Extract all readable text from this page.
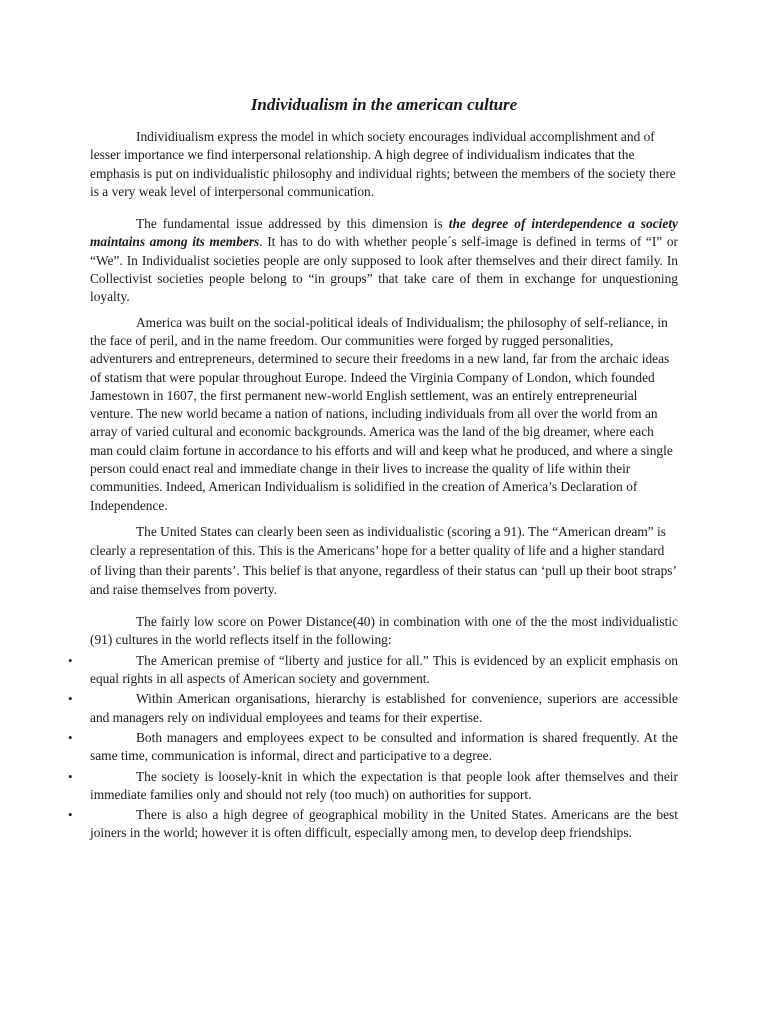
Individualism in the american culture

Individiualism express the model in which society encourages individual accomplishment and of lesser importance we find interpersonal relationship. A high degree of individualism indicates that the emphasis is put on individualistic philosophy and individual rights; between the members of the society there is a very weak level of interpersonal communication.

The fundamental issue addressed by this dimension is the degree of interdependence a society maintains among its members. It has to do with whether people´s self-image is defined in terms of “I” or “We”. In Individualist societies people are only supposed to look after themselves and their direct family. In Collectivist societies people belong to “in groups” that take care of them in exchange for unquestioning loyalty.

America was built on the social-political ideals of Individualism; the philosophy of self-reliance, in the face of peril, and in the name freedom. Our communities were forged by rugged personalities, adventurers and entrepreneurs, determined to secure their freedoms in a new land, far from the archaic ideas of statism that were popular throughout Europe. Indeed the Virginia Company of London, which founded Jamestown in 1607, the first permanent new-world English settlement, was an entirely entrepreneurial venture. The new world became a nation of nations, including individuals from all over the world from an array of varied cultural and economic backgrounds. America was the land of the big dreamer, where each man could claim fortune in accordance to his efforts and will and keep what he produced, and where a single person could enact real and immediate change in their lives to increase the quality of life within their communities. Indeed, American Individualism is solidified in the creation of America’s Declaration of Independence.

The United States can clearly been seen as individualistic (scoring a 91). The “American dream” is clearly a representation of this. This is the Americans’ hope for a better quality of life and a higher standard of living than their parents’. This belief is that anyone, regardless of their status can ‘pull up their boot straps’ and raise themselves from poverty.

The fairly low score on Power Distance(40) in combination with one of the the most individualistic (91) cultures in the world reflects itself in the following:

•	The American premise of “liberty and justice for all.” This is evidenced by an explicit emphasis on equal rights in all aspects of American society and government.
•	Within American organisations, hierarchy is established for convenience, superiors are accessible and managers rely on individual employees and teams for their expertise.
•	Both managers and employees expect to be consulted and information is shared frequently. At the same time, communication is informal, direct and participative to a degree.
•	The society is loosely-knit in which the expectation is that people look after themselves and their immediate families only and should not rely (too much) on authorities for support.
•	There is also a high degree of geographical mobility in the United States. Americans are the best joiners in the world; however it is often difficult, especially among men, to develop deep friendships.
